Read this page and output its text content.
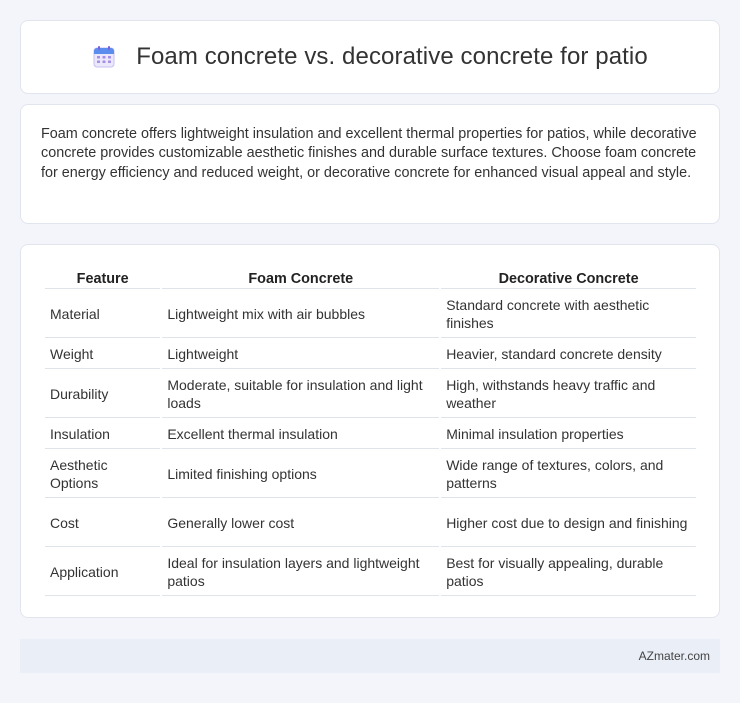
Foam concrete vs. decorative concrete for patio

Foam concrete offers lightweight insulation and excellent thermal properties for patios, while decorative concrete provides customizable aesthetic finishes and durable surface textures. Choose foam concrete for energy efficiency and reduced weight, or decorative concrete for enhanced visual appeal and style.

Feature	Foam Concrete	Decorative Concrete
Material	Lightweight mix with air bubbles	Standard concrete with aesthetic finishes
Weight	Lightweight	Heavier, standard concrete density
Durability	Moderate, suitable for insulation and light loads	High, withstands heavy traffic and weather
Insulation	Excellent thermal insulation	Minimal insulation properties
Aesthetic Options	Limited finishing options	Wide range of textures, colors, and patterns
Cost	Generally lower cost	Higher cost due to design and finishing
Application	Ideal for insulation layers and lightweight patios	Best for visually appealing, durable patios
AZmater.com
